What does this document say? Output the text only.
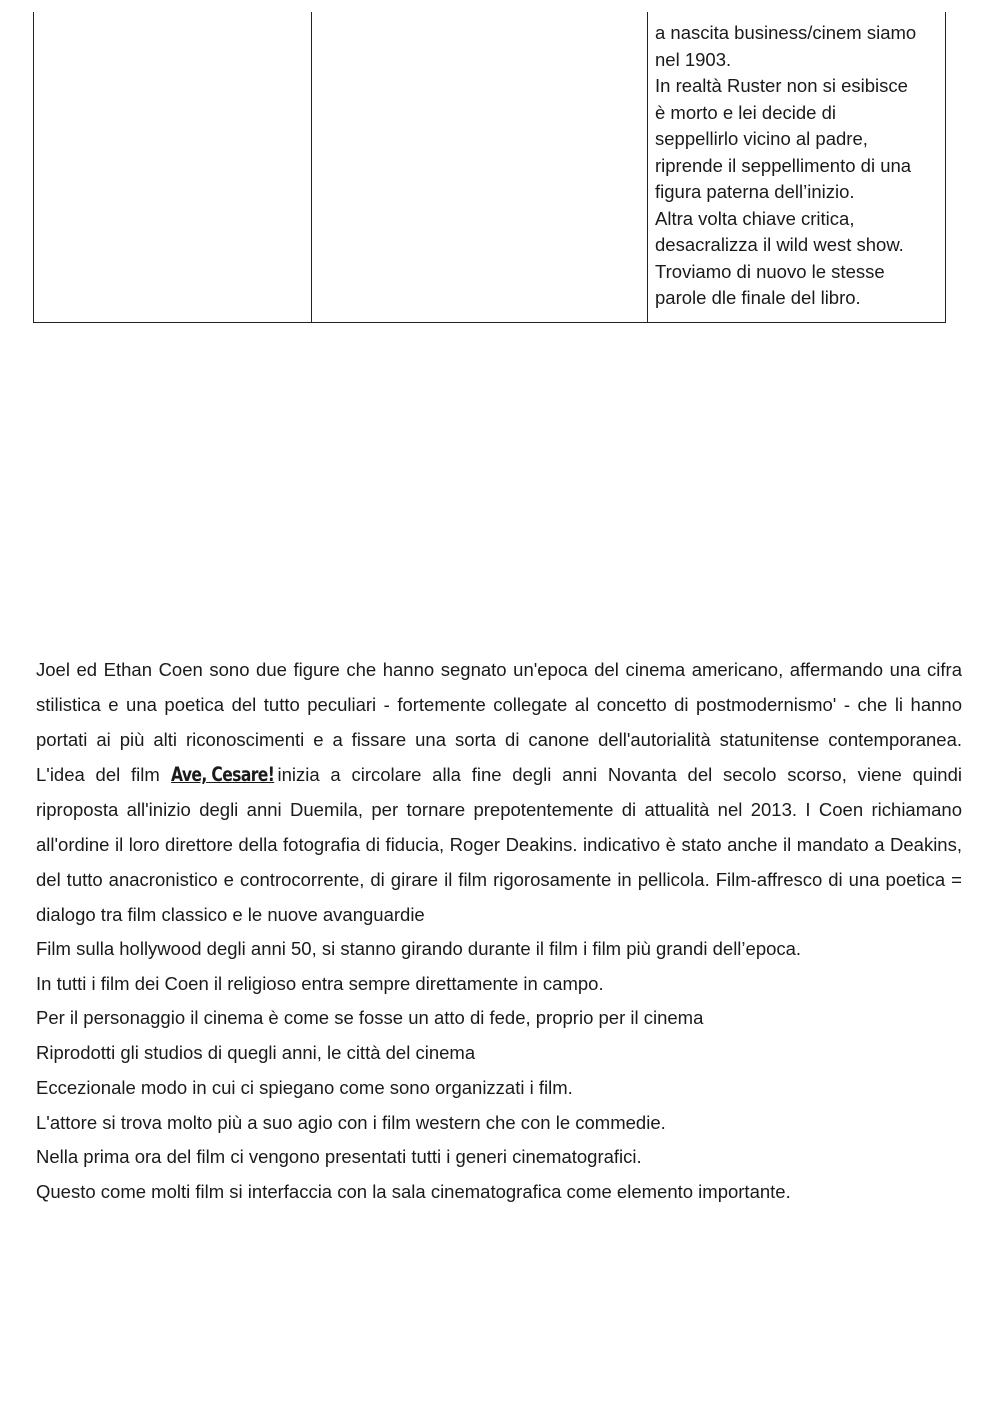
a nascita business/cinem siamo
nel 1903.
In realtà Ruster non si esibisce
è morto e lei decide di
seppellirlo vicino al padre,
riprende il seppellimento di una
figura paterna dell’inizio.
Altra volta chiave critica,
desacralizza il wild west show.
Troviamo di nuovo le stesse
parole dle finale del libro.

Joel ed Ethan Coen sono due figure che hanno segnato un'epoca del cinema americano, affermando una cifra stilistica e una poetica del tutto peculiari - fortemente collegate al concetto di postmodernismo' - che li hanno portati ai più alti riconoscimenti e a fissare una sorta di canone dell'autorialità statunitense contemporanea. L'idea del film Ave, Cesare!inizia a circolare alla fine degli anni Novanta del secolo scorso, viene quindi riproposta all'inizio degli anni Duemila, per tornare prepotentemente di attualità nel 2013. I Coen richiamano all'ordine il loro direttore della fotografia di fiducia, Roger Deakins. indicativo è stato anche il mandato a Deakins, del tutto anacronistico e controcorrente, di girare il film rigorosamente in pellicola. Film-affresco di una poetica = dialogo tra film classico e le nuove avanguardie

Film sulla hollywood degli anni 50, si stanno girando durante il film i film più grandi dell’epoca.
In tutti i film dei Coen il religioso entra sempre direttamente in campo.
Per il personaggio il cinema è come se fosse un atto di fede, proprio per il cinema
Riprodotti gli studios di quegli anni, le città del cinema
Eccezionale modo in cui ci spiegano come sono organizzati i film.
L'attore si trova molto più a suo agio con i film western che con le commedie.
Nella prima ora del film ci vengono presentati tutti i generi cinematografici.
Questo come molti film si interfaccia con la sala cinematografica come elemento importante.
